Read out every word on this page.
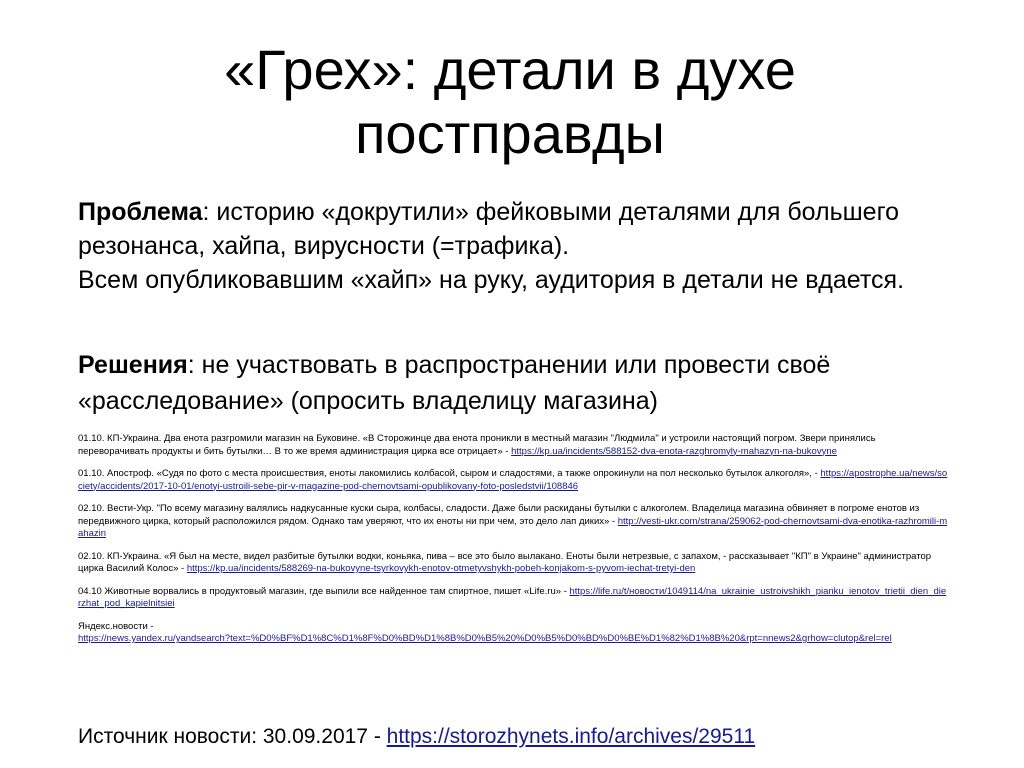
«Грех»: детали в духе постправды
Проблема: историю «докрутили» фейковыми деталями для большего резонанса, хайпа, вирусности (=трафика).
Всем опубликовавшим «хайп» на руку, аудитория в детали не вдается.
Решения: не участвовать в распространении или провести своё «расследование» (опросить владелицу магазина)
01.10. КП-Украина. Два енота разгромили магазин на Буковине. «В Сторожинце два енота проникли в местный магазин "Людмила" и устроили настоящий погром. Звери принялись переворачивать продукты и бить бутылки… В то же время администрация цирка все отрицает» - https://kp.ua/incidents/588152-dva-enota-razghromyly-mahazyn-na-bukovyne
01.10. Апостроф. «Судя по фото с места происшествия, еноты лакомились колбасой, сыром и сладостями, а также опрокинули на пол несколько бутылок алкоголя», - https://apostrophe.ua/news/society/accidents/2017-10-01/enotyi-ustroili-sebe-pir-v-magazine-pod-chernovtsami-opublikovany-foto-posledstvii/108846
02.10. Вести-Укр. "По всему магазину валялись надкусанные куски сыра, колбасы, сладости. Даже были раскиданы бутылки с алкоголем. Владелица магазина обвиняет в погроме енотов из передвижного цирка, который расположился рядом. Однако там уверяют, что их еноты ни при чем, это дело лап диких» - http://vesti-ukr.com/strana/259062-pod-chernovtsami-dva-enotika-razhromili-mahazin
02.10. КП-Украина. «Я был на месте, видел разбитые бутылки водки, коньяка, пива – все это было вылакано. Еноты были нетрезвые, с запахом, - рассказывает "КП" в Украине" администратор цирка Василий Колос» - https://kp.ua/incidents/588269-na-bukovyne-tsyrkovykh-enotov-otmetyvshykh-pobeh-konjakom-s-pyvom-iechat-tretyi-den
04.10 Животные ворвались в продуктовый магазин, где выпили все найденное там спиртное, пишет «Life.ru» - https://life.ru/t/новости/1049114/na_ukrainie_ustroivshikh_pianku_ienotov_trietii_dien_dierzhat_pod_kapielnitsiei
Яндекс.новости -
https://news.yandex.ru/yandsearch?text=%D0%BF%D1%8C%D1%8F%D0%BD%D1%8B%D0%B5%20%D0%B5%D0%BD%D0%BE%D1%82%D1%8B%20&rpt=nnews2&grhow=clutop&rel=rel
Источник новости: 30.09.2017 - https://storozhynets.info/archives/29511
